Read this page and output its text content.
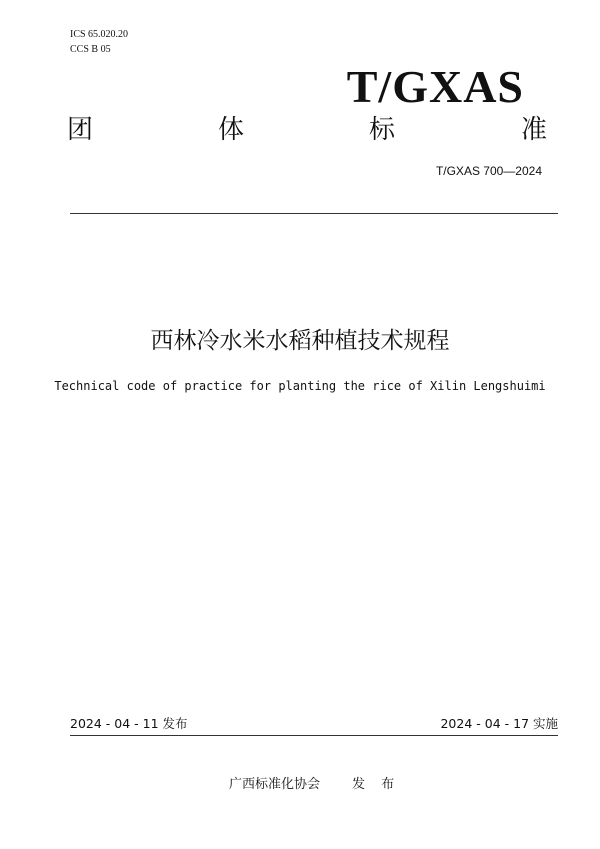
ICS 65.020.20
CCS B 05
T/GXAS
团	体	标	准
T/GXAS 700—2024
西林冷水米水稻种植技术规程
Technical code of practice for planting the rice of Xilin Lengshuimi
2024 - 04 - 11 发布	2024 - 04 - 17 实施
广西标准化协会 发 布
